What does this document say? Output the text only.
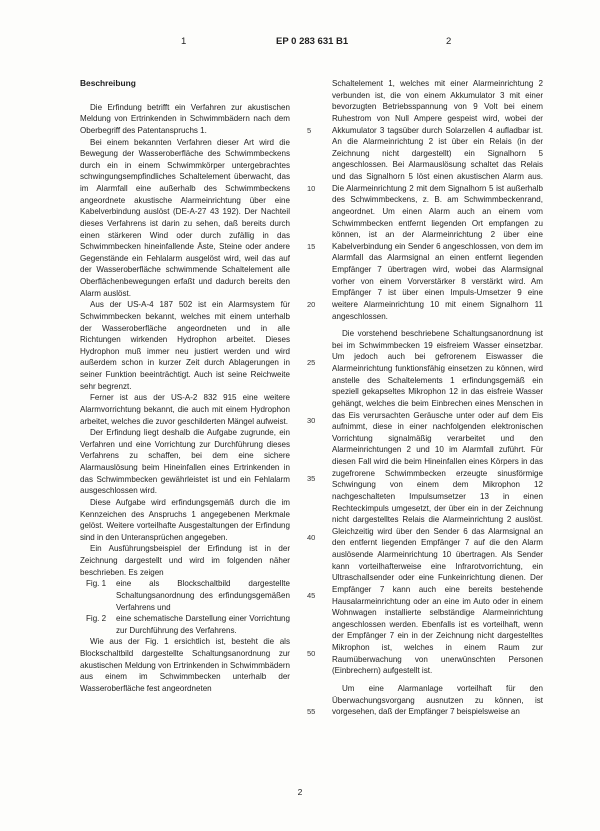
1	EP 0 283 631 B1	2

Beschreibung

Die Erfindung betrifft ein Verfahren zur akustischen Meldung von Ertrinkenden in Schwimmbädern nach dem Oberbegriff des Patentanspruchs 1.

Bei einem bekannten Verfahren dieser Art wird die Bewegung der Wasseroberfläche des Schwimmbeckens durch ein in einem Schwimmkörper untergebrachtes schwingungsempfindliches Schaltelement überwacht, das im Alarmfall eine außerhalb des Schwimmbeckens angeordnete akustische Alarmeinrichtung über eine Kabelverbindung auslöst (DE-A-27 43 192). Der Nachteil dieses Verfahrens ist darin zu sehen, daß bereits durch einen stärkeren Wind oder durch zufällig in das Schwimmbecken hineinfallende Äste, Steine oder andere Gegenstände ein Fehlalarm ausgelöst wird, weil das auf der Wasseroberfläche schwimmende Schaltelement alle Oberflächenbewegungen erfaßt und dadurch bereits den Alarm auslöst.

Aus der US-A-4 187 502 ist ein Alarmsystem für Schwimmbecken bekannt, welches mit einem unterhalb der Wasseroberfläche angeordneten und in alle Richtungen wirkenden Hydrophon arbeitet. Dieses Hydrophon muß immer neu justiert werden und wird außerdem schon in kurzer Zeit durch Ablagerungen in seiner Funktion beeinträchtigt. Auch ist seine Reichweite sehr begrenzt.

Ferner ist aus der US-A-2 832 915 eine weitere Alarmvorrichtung bekannt, die auch mit einem Hydrophon arbeitet, welches die zuvor geschilderten Mängel aufweist.

Der Erfindung liegt deshalb die Aufgabe zugrunde, ein Verfahren und eine Vorrichtung zur Durchführung dieses Verfahrens zu schaffen, bei dem eine sichere Alarmauslösung beim Hineinfallen eines Ertrinkenden in das Schwimmbecken gewährleistet ist und ein Fehlalarm ausgeschlossen wird.

Diese Aufgabe wird erfindungsgemäß durch die im Kennzeichen des Anspruchs 1 angegebenen Merkmale gelöst. Weitere vorteilhafte Ausgestaltungen der Erfindung sind in den Unteransprüchen angegeben.

Ein Ausführungsbeispiel der Erfindung ist in der Zeichnung dargestellt und wird im folgenden näher beschrieben. Es zeigen

Fig. 1	eine als Blockschaltbild dargestellte Schaltungsanordnung des erfindungsgemäßen Verfahrens und
Fig. 2	eine schematische Darstellung einer Vorrichtung zur Durchführung des Verfahrens.

Wie aus der Fig. 1 ersichtlich ist, besteht die als Blockschaltbild dargestellte Schaltungsanordnung zur akustischen Meldung von Ertrinkenden in Schwimmbädern aus einem im Schwimmbecken unterhalb der Wasseroberfläche fest angeordneten

Schaltelement 1, welches mit einer Alarmeinrichtung 2 verbunden ist, die von einem Akkumulator 3 mit einer bevorzugten Betriebsspannung von 9 Volt bei einem Ruhestrom von Null Ampere gespeist wird, wobei der Akkumulator 3 tagsüber durch Solarzellen 4 aufladbar ist. An die Alarmeinrichtung 2 ist über ein Relais (in der Zeichnung nicht dargestellt) ein Signalhorn 5 angeschlossen. Bei Alarmauslösung schaltet das Relais und das Signalhorn 5 löst einen akustischen Alarm aus. Die Alarmeinrichtung 2 mit dem Signalhorn 5 ist außerhalb des Schwimmbeckens, z. B. am Schwimmbeckenrand, angeordnet. Um einen Alarm auch an einem vom Schwimmbecken entfernt liegenden Ort empfangen zu können, ist an der Alarmeinrichtung 2 über eine Kabelverbindung ein Sender 6 angeschlossen, von dem im Alarmfall das Alarmsignal an einen entfernt liegenden Empfänger 7 übertragen wird, wobei das Alarmsignal vorher von einem Vorverstärker 8 verstärkt wird. Am Empfänger 7 ist über einen Impuls-Umsetzer 9 eine weitere Alarmeinrichtung 10 mit einem Signalhorn 11 angeschlossen.

Die vorstehend beschriebene Schaltungsanordnung ist bei im Schwimmbecken 19 eisfreiem Wasser einsetzbar. Um jedoch auch bei gefrorenem Eiswasser die Alarmeinrichtung funktionsfähig einsetzen zu können, wird anstelle des Schaltelements 1 erfindungsgemäß ein speziell gekapseltes Mikrophon 12 in das eisfreie Wasser gehängt, welches die beim Einbrechen eines Menschen in das Eis verursachten Geräusche unter oder auf dem Eis aufnimmt, diese in einer nachfolgenden elektronischen Vorrichtung signalmäßig verarbeitet und den Alarmeinrichtungen 2 und 10 im Alarmfall zuführt. Für diesen Fall wird die beim Hineinfallen eines Körpers in das zugefrorene Schwimmbecken erzeugte sinusförmige Schwingung von einem dem Mikrophon 12 nachgeschalteten Impulsumsetzer 13 in einen Rechteckimpuls umgesetzt, der über ein in der Zeichnung nicht dargestelltes Relais die Alarmeinrichtung 2 auslöst. Gleichzeitig wird über den Sender 6 das Alarmsignal an den entfernt liegenden Empfänger 7 auf die den Alarm auslösende Alarmeinrichtung 10 übertragen. Als Sender kann vorteilhafterweise eine Infrarotvorrichtung, ein Ultraschallsender oder eine Funkeinrichtung dienen. Der Empfänger 7 kann auch eine bereits bestehende Hausalarmeinrichtung oder an eine im Auto oder in einem Wohnwagen installierte selbständige Alarmeinrichtung angeschlossen werden. Ebenfalls ist es vorteilhaft, wenn der Empfänger 7 ein in der Zeichnung nicht dargestelltes Mikrophon ist, welches in einem Raum zur Raumüberwachung von unerwünschten Personen (Einbrechern) aufgestellt ist.

Um eine Alarmanlage vorteilhaft für den Überwachungsvorgang ausnutzen zu können, ist vorgesehen, daß der Empfänger 7 beispielsweise an

5
10
15
20
25
30
35
40
45
50
55
2
